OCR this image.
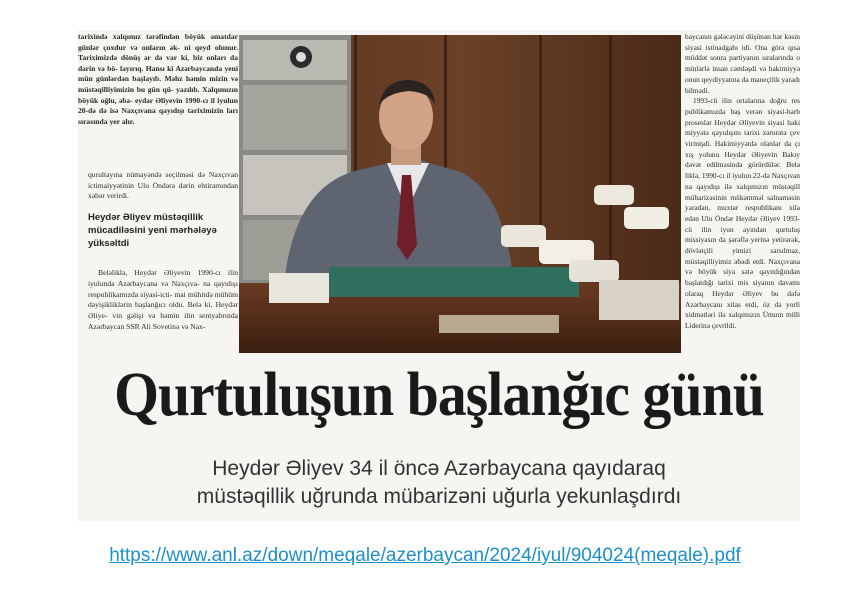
tarixində xalqımız tərəfindən böyük əmatdar günlər çoxdur və onların ək- ni qeyd olunur. Tariximizdə dönüş ər də var ki, biz onları da dərin və bö- layırıq. Hansı ki Azərbaycanda yeni mün günlərdən başlayıb. Məhz həmin mizin və müstəqilliyimizin bu gün qü- yazılıb. Xalqımızın böyük oğlu, əbə- eydər Əliyevin 1990-cı il iyulun 20-də də isə Naxçıvana qayıdışı tariximizin ları sırasında yer alır.

qurultayına nümayəndə seçilməsi də Naxçıvan ictimaiyyətinin Ulu Öndərə dərin ehtiramından xəbər verirdi.

Heydər Əliyev müstəqillik mücadiləsini yeni mərhələyə yüksəltdi

Beləliklə, Heydər Əliyevin 1990-cı ilin iyulunda Azərbaycana və Naxçıva- na qayıdışı respublikamızda siyasi-icti- mai mühitdə mühüm dəyişikliklərin başlanğıcı oldu. Belə ki, Heydər Əliye- vin gəlişi və həmin ilin sentyabrında Azərbaycan SSR Ali Sovetinə və Nax-

baycanın gələcəyini düşünən hər kəsin siyasi istinadgahı idi. Ona görə qısa müddət sonra partiyanın sıralarında o minlərlə insan cəmləşdi və hakimiyyə onun qeydiyyatına da maneçilik yaradı bilmədi.

1993-cü ilin ortalarına doğru res publikamızda baş verən siyasi-hərb proseslər Heydər Əliyevin siyasi haki miyyətə qayıdışını tarixi zərurətə çev virmişdi. Hakimiyyətdə olanlar da çı xış yolunu Heydər Əliyevin Bakıy dəvət edilməsində görürdülər. Belə liklə, 1990-cı il iyulun 22-də Naxçıvan na qayıdışı ilə xalqımızın müstəqill mübarizəsinin mükəmməl salnaməsin yaradan, muxtar respublikanı xila edən Ulu Öndər Heydər Əliyev 1993-cü ilin iyun ayından qurtuluş missiyasın da şərəflə yerinə yetirərək, dövlətçili yimizi sarsılmaz, müstəqilliyimiz əbədi etdi. Naxçıvana və böyük siya sətə qayıtdığından başlatdığı tarixi mis siyanın davamı olaraq Heydər Əliyev bu dəfə Azərbaycanı xilas etdi, öz də yorli xidmətləri ilə xalqımızın Ümum milli Liderinə çevrildi.

Qurtuluşun başlanğıc günü
Heydər Əliyev 34 il öncə Azərbaycana qayıdaraq
müstəqillik uğrunda mübarizəni uğurla yekunlaşdırdı
https://www.anl.az/down/meqale/azerbaycan/2024/iyul/904024(meqale).pdf
